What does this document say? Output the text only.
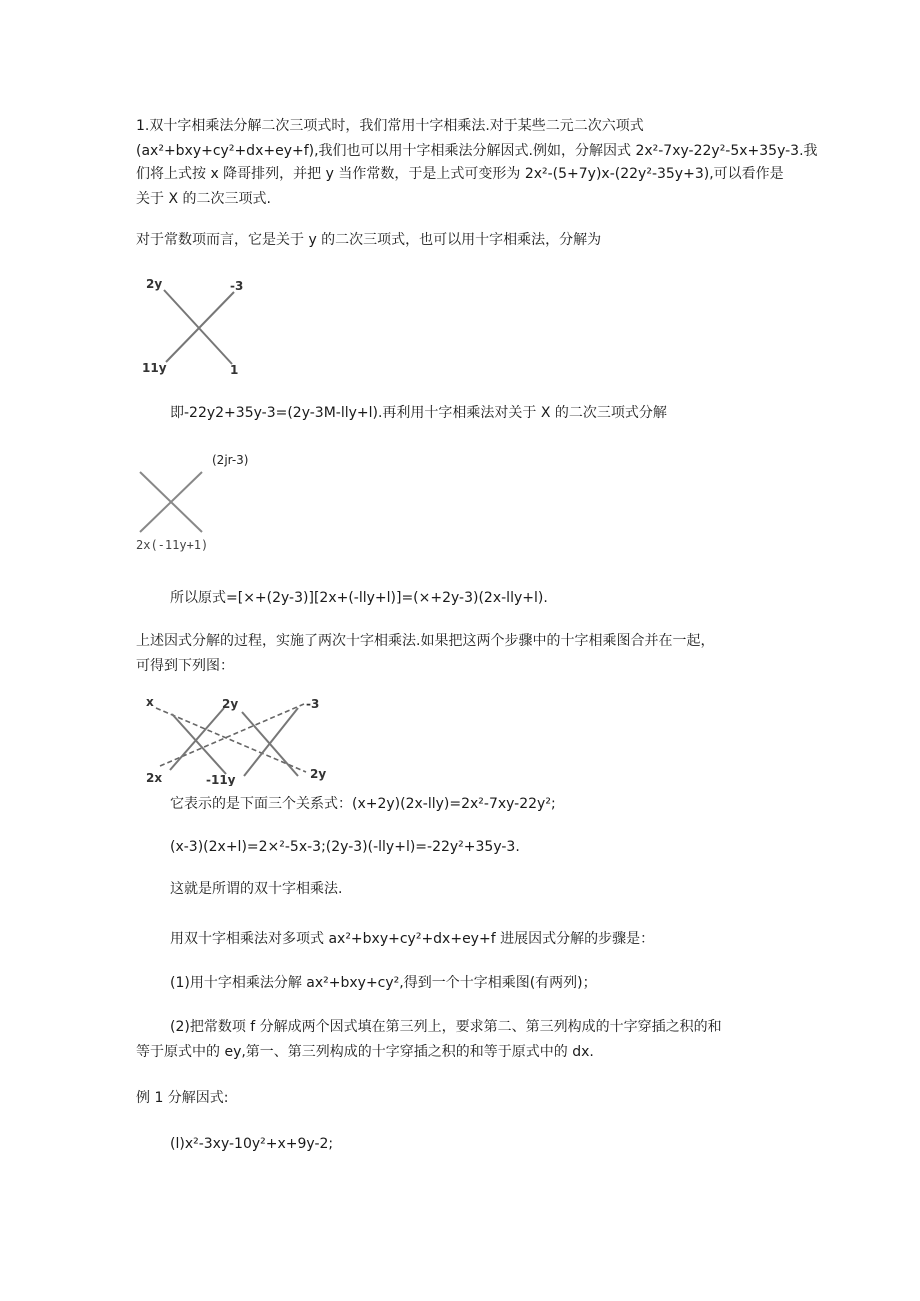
1.双十字相乘法分解二次三项式时，我们常用十字相乘法.对于某些二元二次六项式

(ax²+bxy+cy²+dx+ey+f),我们也可以用十字相乘法分解因式.例如，分解因式 2x²-7xy-22y²-5x+35y-3.我

们将上式按 x 降哥排列，并把 y 当作常数，于是上式可变形为 2x²-(5+7y)x-(22y²-35y+3),可以看作是

关于 X 的二次三项式.

对于常数项而言，它是关于 y 的二次三项式，也可以用十字相乘法，分解为

2y	-3
11y	1

即-22y2+35y-3=(2y-3M-lly+l).再利用十字相乘法对关于 X 的二次三项式分解

(2jr-3)
2x(-11y+1)

所以原式=[×+(2y-3)][2x+(-lly+l)]=(×+2y-3)(2x-lly+l).

上述因式分解的过程，实施了两次十字相乘法.如果把这两个步骤中的十字相乘图合并在一起，

可得到下列图：

x	2y	-3
2x	-11y	2y

它表示的是下面三个关系式：(x+2y)(2x-lly)=2x²-7xy-22y²;

(x-3)(2x+l)=2×²-5x-3;(2y-3)(-lly+l)=-22y²+35y-3.

这就是所谓的双十字相乘法.

用双十字相乘法对多项式 ax²+bxy+cy²+dx+ey+f 进展因式分解的步骤是：

(1)用十字相乘法分解 ax²+bxy+cy²,得到一个十字相乘图(有两列)；

(2)把常数项 f 分解成两个因式填在第三列上，要求第二、第三列构成的十字穿插之积的和

等于原式中的 ey,第一、第三列构成的十字穿插之积的和等于原式中的 dx.

例 1 分解因式:

(l)x²-3xy-10y²+x+9y-2;
